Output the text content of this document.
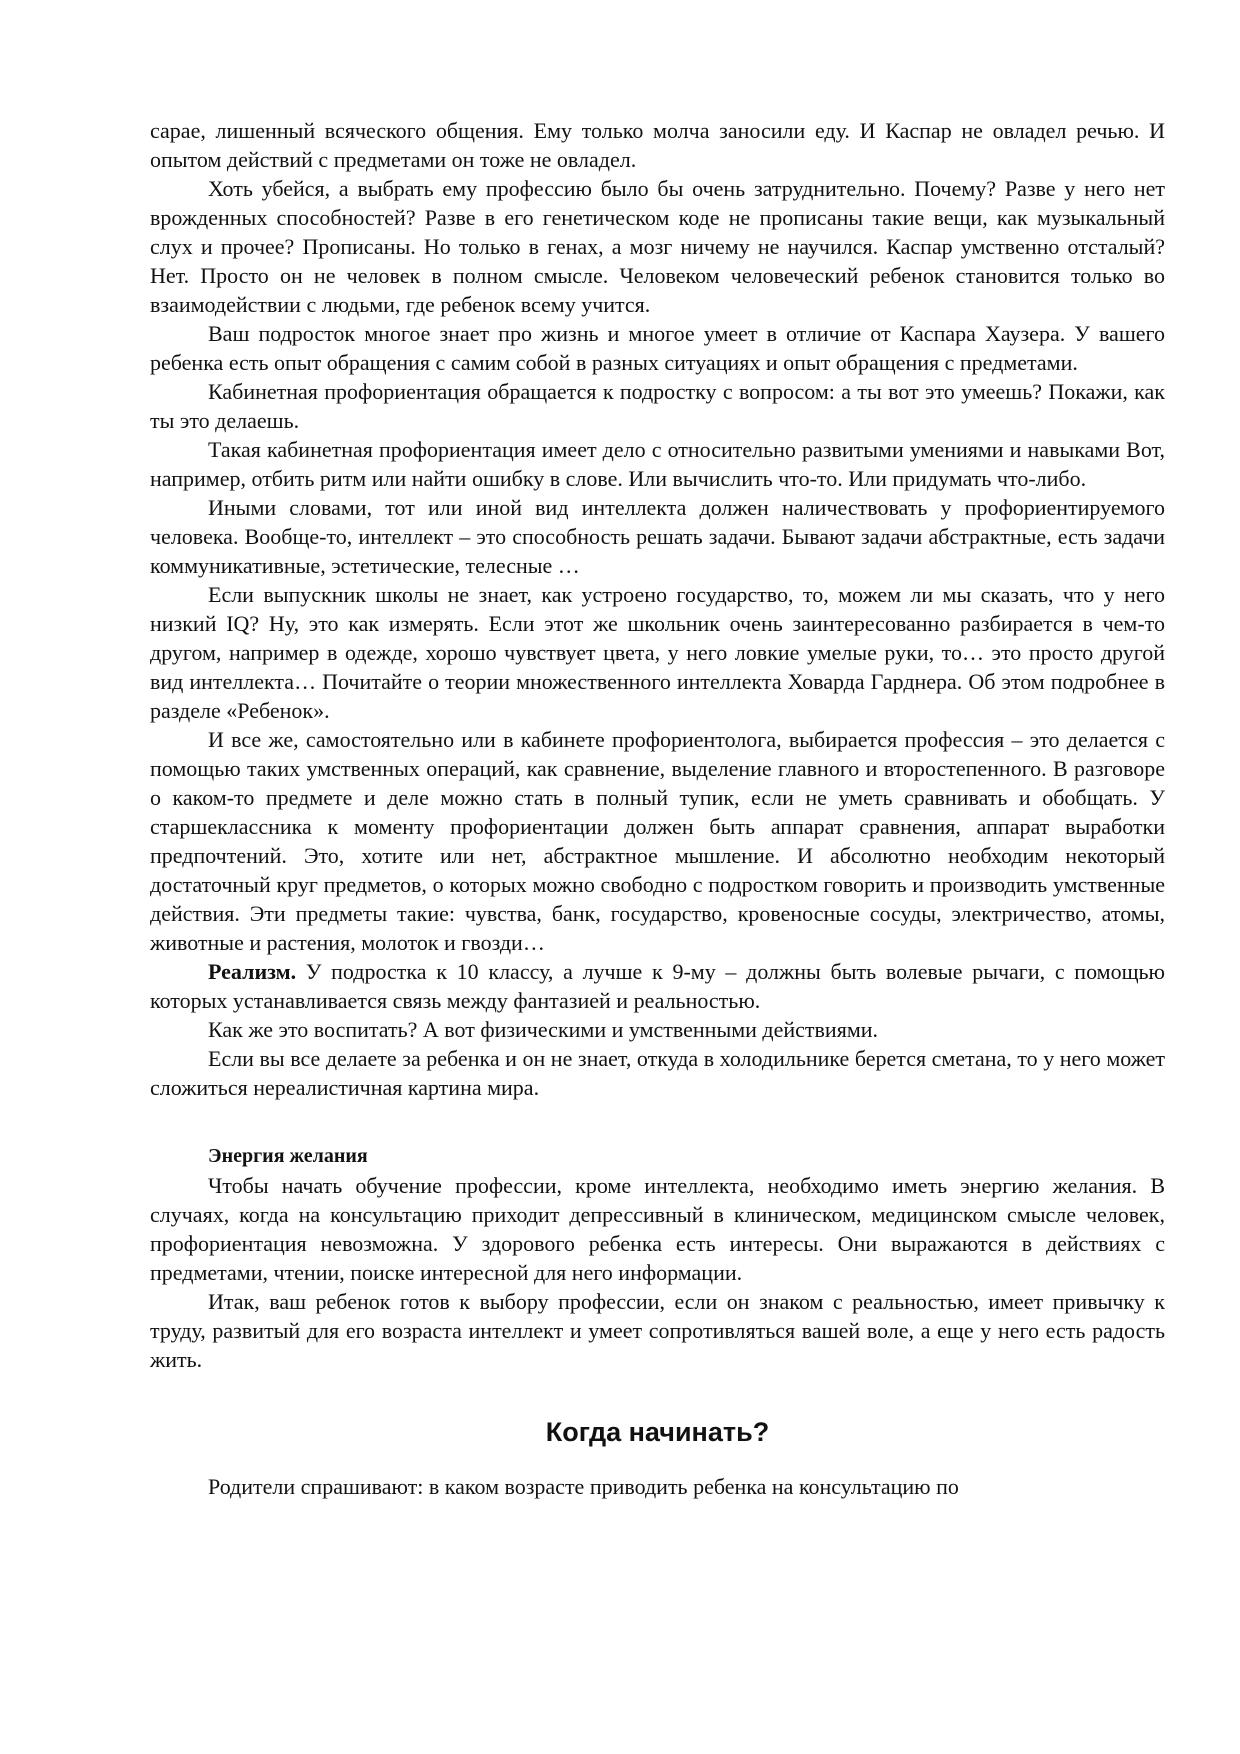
сарае, лишенный всяческого общения. Ему только молча заносили еду. И Каспар не овладел речью. И опытом действий с предметами он тоже не овладел.

Хоть убейся, а выбрать ему профессию было бы очень затруднительно. Почему? Разве у него нет врожденных способностей? Разве в его генетическом коде не прописаны такие вещи, как музыкальный слух и прочее? Прописаны. Но только в генах, а мозг ничему не научился. Каспар умственно отсталый? Нет. Просто он не человек в полном смысле. Человеком человеческий ребенок становится только во взаимодействии с людьми, где ребенок всему учится.

Ваш подросток многое знает про жизнь и многое умеет в отличие от Каспара Хаузера. У вашего ребенка есть опыт обращения с самим собой в разных ситуациях и опыт обращения с предметами.

Кабинетная профориентация обращается к подростку с вопросом: а ты вот это умеешь? Покажи, как ты это делаешь.

Такая кабинетная профориентация имеет дело с относительно развитыми умениями и навыками Вот, например, отбить ритм или найти ошибку в слове. Или вычислить что-то. Или придумать что-либо.

Иными словами, тот или иной вид интеллекта должен наличествовать у профориентируемого человека. Вообще-то, интеллект – это способность решать задачи. Бывают задачи абстрактные, есть задачи коммуникативные, эстетические, телесные …

Если выпускник школы не знает, как устроено государство, то, можем ли мы сказать, что у него низкий IQ? Ну, это как измерять. Если этот же школьник очень заинтересованно разбирается в чем-то другом, например в одежде, хорошо чувствует цвета, у него ловкие умелые руки, то… это просто другой вид интеллекта… Почитайте о теории множественного интеллекта Ховарда Гарднера. Об этом подробнее в разделе «Ребенок».

И все же, самостоятельно или в кабинете профориентолога, выбирается профессия – это делается с помощью таких умственных операций, как сравнение, выделение главного и второстепенного. В разговоре о каком-то предмете и деле можно стать в полный тупик, если не уметь сравнивать и обобщать. У старшеклассника к моменту профориентации должен быть аппарат сравнения, аппарат выработки предпочтений. Это, хотите или нет, абстрактное мышление. И абсолютно необходим некоторый достаточный круг предметов, о которых можно свободно с подростком говорить и производить умственные действия. Эти предметы такие: чувства, банк, государство, кровеносные сосуды, электричество, атомы, животные и растения, молоток и гвозди…

Реализм. У подростка к 10 классу, а лучше к 9-му – должны быть волевые рычаги, с помощью которых устанавливается связь между фантазией и реальностью.

Как же это воспитать? А вот физическими и умственными действиями.

Если вы все делаете за ребенка и он не знает, откуда в холодильнике берется сметана, то у него может сложиться нереалистичная картина мира.

Энергия желания

Чтобы начать обучение профессии, кроме интеллекта, необходимо иметь энергию желания. В случаях, когда на консультацию приходит депрессивный в клиническом, медицинском смысле человек, профориентация невозможна. У здорового ребенка есть интересы. Они выражаются в действиях с предметами, чтении, поиске интересной для него информации.

Итак, ваш ребенок готов к выбору профессии, если он знаком с реальностью, имеет привычку к труду, развитый для его возраста интеллект и умеет сопротивляться вашей воле, а еще у него есть радость жить.

Когда начинать?

Родители спрашивают: в каком возрасте приводить ребенка на консультацию по
